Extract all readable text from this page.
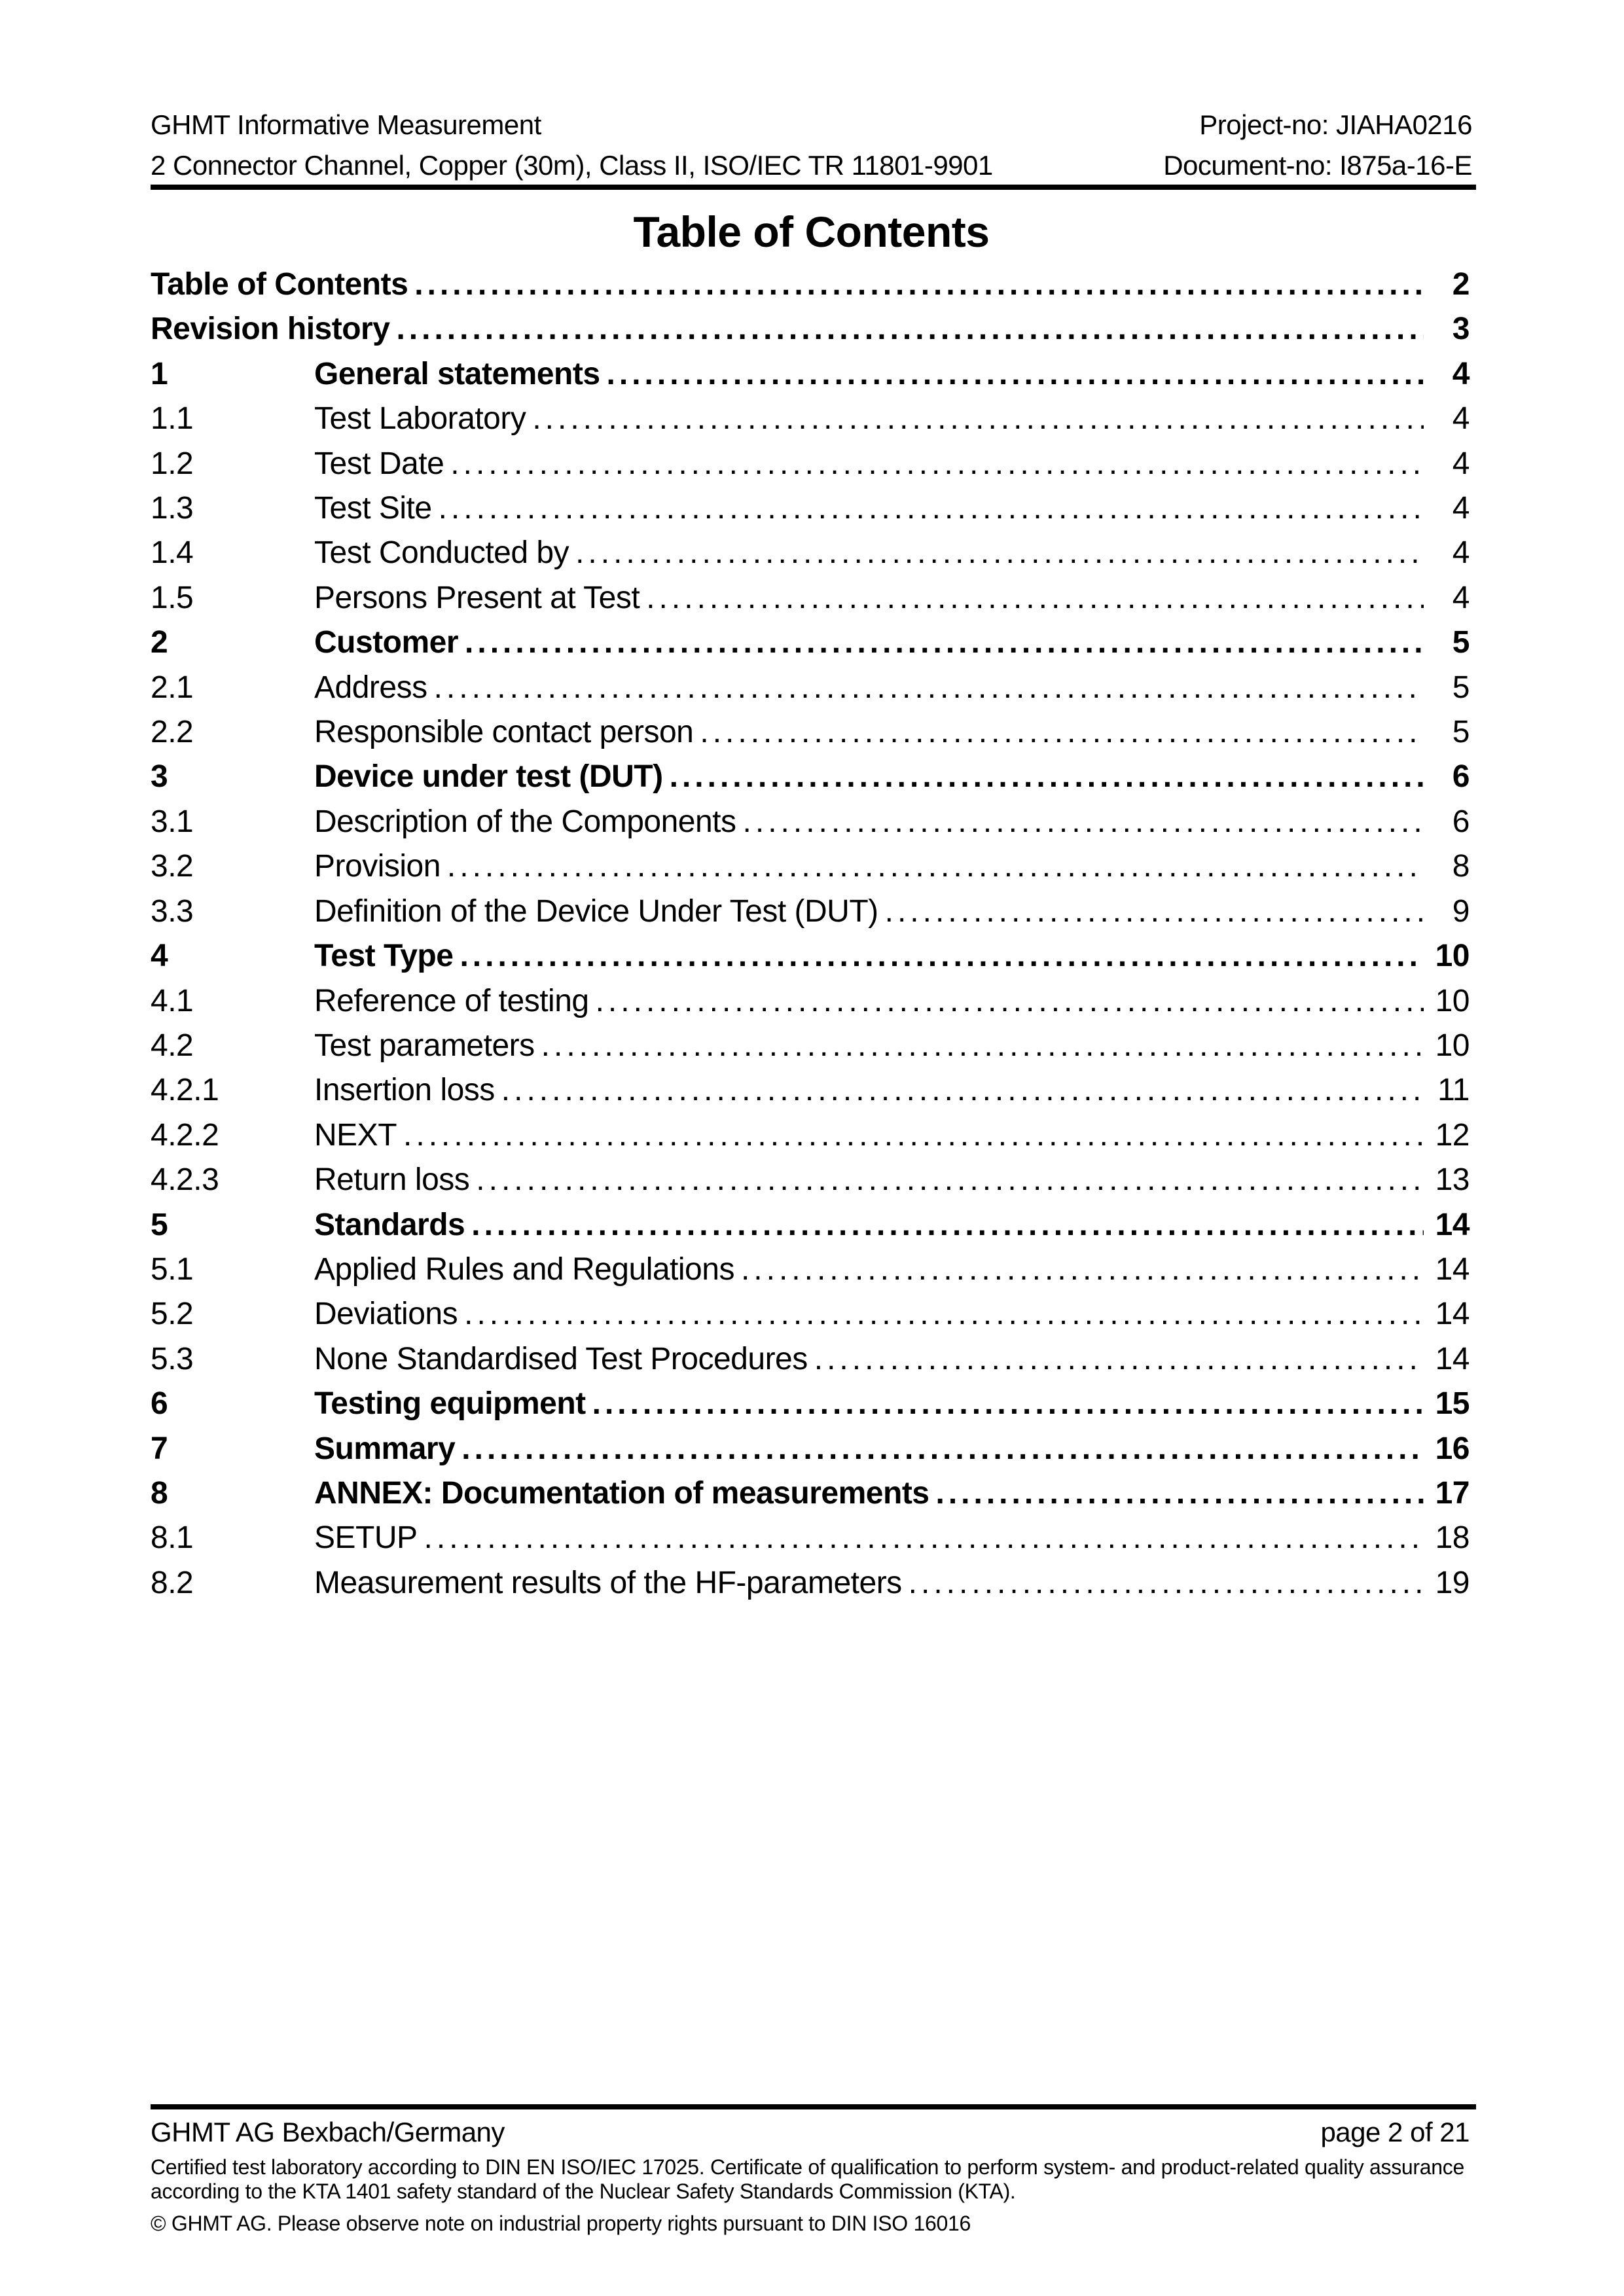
GHMT Informative Measurement	Project-no: JIAHA0216
2 Connector Channel, Copper (30m), Class II, ISO/IEC TR 11801-9901	Document-no: I875a-16-E
Table of Contents
Table of Contents .....	2
Revision history .....	3
1	General statements .....	4
1.1	Test Laboratory .....	4
1.2	Test Date .....	4
1.3	Test Site .....	4
1.4	Test Conducted by .....	4
1.5	Persons Present at Test .....	4
2	Customer .....	5
2.1	Address .....	5
2.2	Responsible contact person .....	5
3	Device under test (DUT) .....	6
3.1	Description of the Components .....	6
3.2	Provision .....	8
3.3	Definition of the Device Under Test (DUT) .....	9
4	Test Type .....	10
4.1	Reference of testing .....	10
4.2	Test parameters .....	10
4.2.1	Insertion loss .....	11
4.2.2	NEXT .....	12
4.2.3	Return loss .....	13
5	Standards .....	14
5.1	Applied Rules and Regulations .....	14
5.2	Deviations .....	14
5.3	None Standardised Test Procedures .....	14
6	Testing equipment .....	15
7	Summary .....	16
8	ANNEX: Documentation of measurements .....	17
8.1	SETUP .....	18
8.2	Measurement results of the HF-parameters .....	19
GHMT AG Bexbach/Germany	page 2 of 21
Certified test laboratory according to DIN EN ISO/IEC 17025. Certificate of qualification to perform system- and product-related quality assurance according to the KTA 1401 safety standard of the Nuclear Safety Standards Commission (KTA).
© GHMT AG. Please observe note on industrial property rights pursuant to DIN ISO 16016
